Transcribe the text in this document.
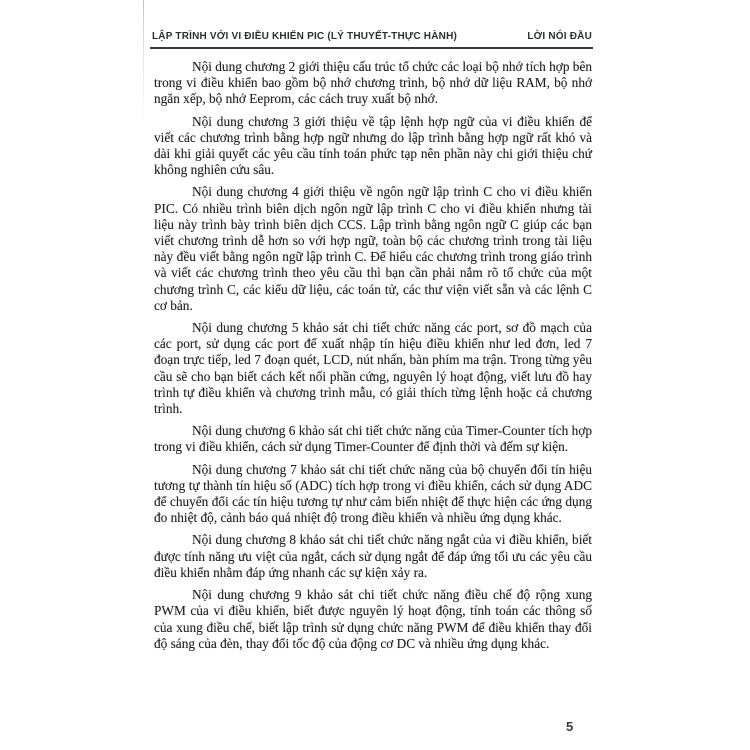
LẬP TRÌNH VỚI VI ĐIỀU KHIỂN PIC (LÝ THUYẾT-THỰC HÀNH)	LỜI NÓI ĐẦU

Nội dung chương 2 giới thiệu cấu trúc tổ chức các loại bộ nhớ tích hợp bên trong vi điều khiển bao gồm bộ nhớ chương trình, bộ nhớ dữ liệu RAM, bộ nhớ ngăn xếp, bộ nhớ Eeprom, các cách truy xuất bộ nhớ.

Nội dung chương 3 giới thiệu về tập lệnh hợp ngữ của vi điều khiển để viết các chương trình bằng hợp ngữ nhưng do lập trình bằng hợp ngữ rất khó và dài khi giải quyết các yêu cầu tính toán phức tạp nên phần này chi giới thiệu chứ không nghiên cứu sâu.

Nội dung chương 4 giới thiệu về ngôn ngữ lập trình C cho vi điều khiển PIC. Có nhiều trình biên dịch ngôn ngữ lập trình C cho vi điều khiển nhưng tài liệu này trình bày trình biên dịch CCS. Lập trình bằng ngôn ngữ C giúp các bạn viết chương trình dễ hơn so với hợp ngữ, toàn bộ các chương trình trong tài liệu này đều viết bằng ngôn ngữ lập trình C. Để hiểu các chương trình trong giáo trình và viết các chương trình theo yêu cầu thì bạn cần phải nắm rõ tổ chức của một chương trình C, các kiểu dữ liệu, các toán tử, các thư viện viết sẵn và các lệnh C cơ bản.

Nội dung chương 5 khảo sát chi tiết chức năng các port, sơ đồ mạch của các port, sử dụng các port để xuất nhập tín hiệu điều khiển như led đơn, led 7 đoạn trực tiếp, led 7 đoạn quét, LCD, nút nhấn, bàn phím ma trận. Trong từng yêu cầu sẽ cho bạn biết cách kết nối phần cứng, nguyên lý hoạt động, viết lưu đồ hay trình tự điều khiển và chương trình mẫu, có giải thích từng lệnh hoặc cả chương trình.

Nội dung chương 6 khảo sát chi tiết chức năng của Timer-Counter tích hợp trong vi điều khiển, cách sử dụng Timer-Counter để định thời và đếm sự kiện.

Nội dung chương 7 khảo sát chi tiết chức năng của bộ chuyển đổi tín hiệu tương tự thành tín hiệu số (ADC) tích hợp trong vi điều khiển, cách sử dụng ADC để chuyển đổi các tín hiệu tương tự như cảm biến nhiệt để thực hiện các ứng dụng đo nhiệt độ, cảnh báo quá nhiệt độ trong điều khiển và nhiều ứng dụng khác.

Nội dung chương 8 khảo sát chi tiết chức năng ngắt của vi điều khiển, biết được tính năng ưu việt của ngắt, cách sử dụng ngắt để đáp ứng tối ưu các yêu cầu điều khiển nhằm đáp ứng nhanh các sự kiện xảy ra.

Nội dung chương 9 khảo sát chi tiết chức năng điều chế độ rộng xung PWM của vi điều khiển, biết được nguyên lý hoạt động, tính toán các thông số của xung điều chế, biết lập trình sử dụng chức năng PWM để điều khiển thay đổi độ sáng của đèn, thay đổi tốc độ của động cơ DC và nhiều ứng dụng khác.

5
